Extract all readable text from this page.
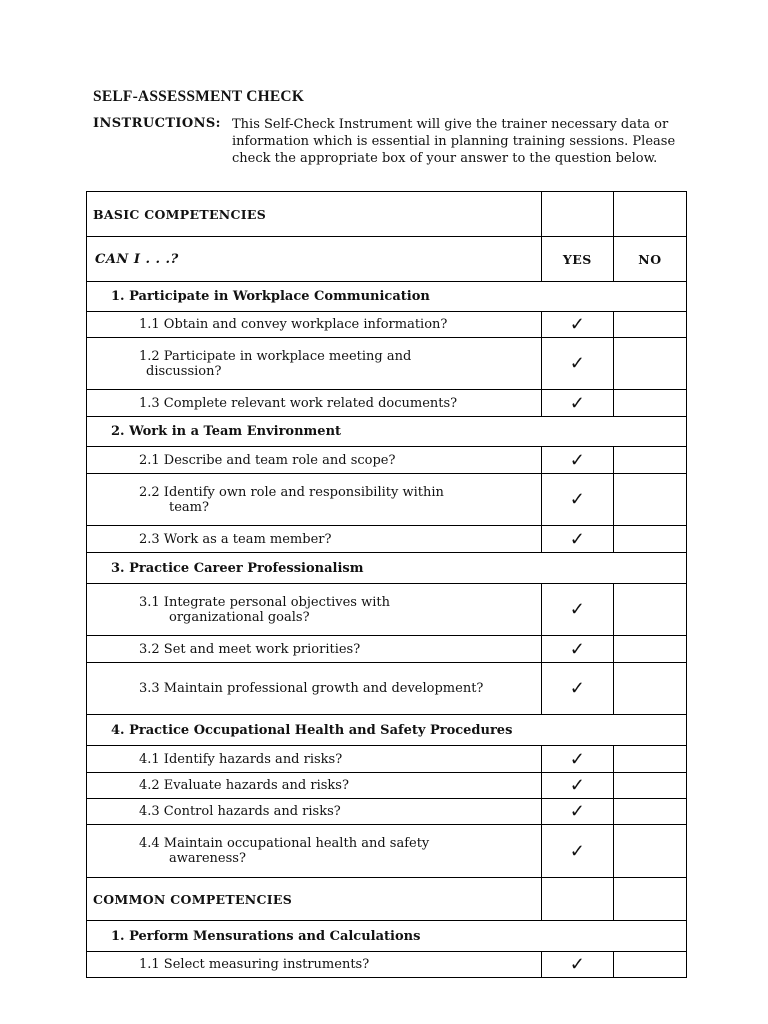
SELF-ASSESSMENT CHECK
INSTRUCTIONS: This Self-Check Instrument will give the trainer necessary data or information which is essential in planning training sessions. Please check the appropriate box of your answer to the question below.
BASIC COMPETENCIES		
CAN I . . .?	YES	NO
1. Participate in Workplace Communication		
1.1 Obtain and convey workplace information?	✓	
1.2 Participate in workplace meeting and
discussion?	✓	
1.3 Complete relevant work related documents?	✓	
2. Work in a Team Environment		
2.1 Describe and team role and scope?	✓	
2.2 Identify own role and responsibility within
team?	✓	
2.3 Work as a team member?	✓	
3. Practice Career Professionalism		
3.1 Integrate personal objectives with
organizational goals?	✓	
3.2 Set and meet work priorities?	✓	
3.3 Maintain professional growth and development?	✓	
4. Practice Occupational Health and Safety Procedures		
4.1 Identify hazards and risks?	✓	
4.2 Evaluate hazards and risks?	✓	
4.3 Control hazards and risks?	✓	
4.4 Maintain occupational health and safety
awareness?	✓	
COMMON COMPETENCIES		
1. Perform Mensurations and Calculations		
1.1 Select measuring instruments?	✓	
